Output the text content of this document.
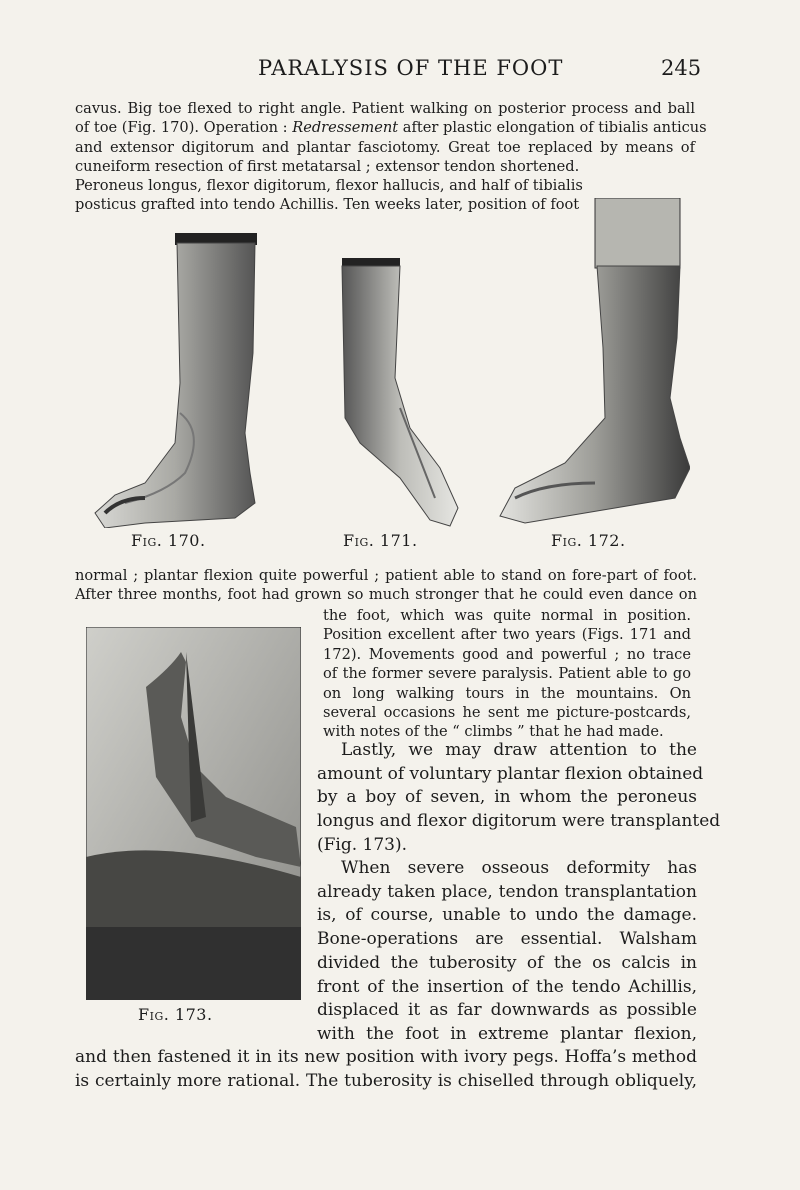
PARALYSIS OF THE FOOT	245
cavus. Big toe flexed to right angle. Patient walking on posterior process and ball
of toe (Fig. 170). Operation : Redressement after plastic elongation of tibialis anticus
and extensor digitorum and plantar fasciotomy. Great toe replaced by means of
cuneiform resection of first metatarsal ; extensor tendon shortened.
Peroneus longus, flexor digitorum, flexor hallucis, and half of tibialis
posticus grafted into tendo Achillis. Ten weeks later, position of foot
Fig. 170.	Fig. 171.	Fig. 172.
normal ; plantar flexion quite powerful ; patient able to stand on fore-part of foot.
After three months, foot had grown so much stronger that he could even dance on
Fig. 173.
the foot, which was quite normal in position.
Position excellent after two years (Figs. 171 and
172). Movements good and powerful ; no trace
of the former severe paralysis. Patient able to go
on long walking tours in the mountains. On
several occasions he sent me picture-postcards,
with notes of the “ climbs ” that he had made.
Lastly, we may draw attention to the
amount of voluntary plantar flexion obtained
by a boy of seven, in whom the peroneus
longus and flexor digitorum were transplanted
(Fig. 173).
When severe osseous deformity has
already taken place, tendon transplantation
is, of course, unable to undo the damage.
Bone-operations are essential. Walsham
divided the tuberosity of the os calcis in
front of the insertion of the tendo Achillis,
displaced it as far downwards as possible
with the foot in extreme plantar flexion,
and then fastened it in its new position with ivory pegs. Hoffa’s method
is certainly more rational. The tuberosity is chiselled through obliquely,
